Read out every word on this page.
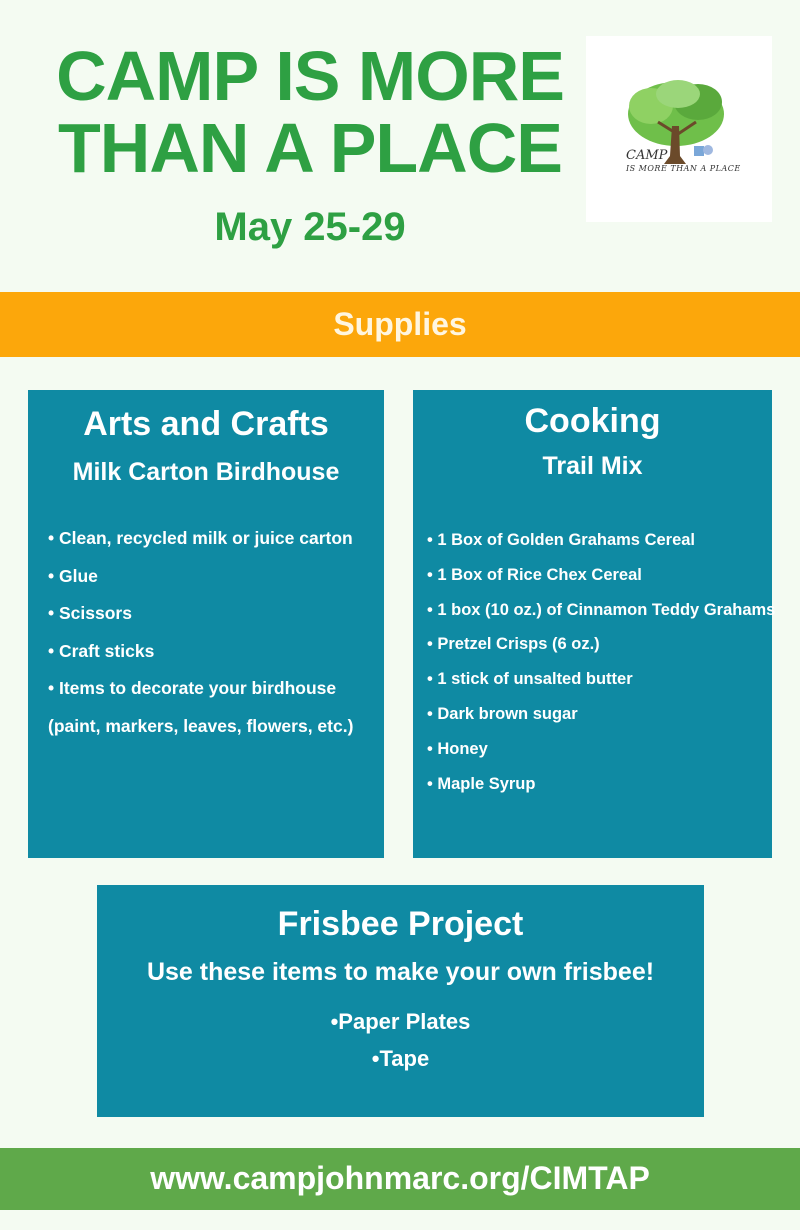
CAMP IS MORE
THAN A PLACE
May 25-29
CAMP
IS MORE THAN A PLACE
Supplies
Arts and Crafts
Milk Carton Birdhouse
• Clean, recycled milk or juice carton
• Glue
• Scissors
• Craft sticks
• Items to decorate your birdhouse
(paint, markers, leaves, flowers, etc.)
Cooking
Trail Mix
• 1 Box of Golden Grahams Cereal
• 1 Box of Rice Chex Cereal
• 1 box (10 oz.) of Cinnamon Teddy Grahams
• Pretzel Crisps (6 oz.)
• 1 stick of unsalted butter
• Dark brown sugar
• Honey
• Maple Syrup
Frisbee Project
Use these items to make your own frisbee!
•Paper Plates
•Tape
www.campjohnmarc.org/CIMTAP
